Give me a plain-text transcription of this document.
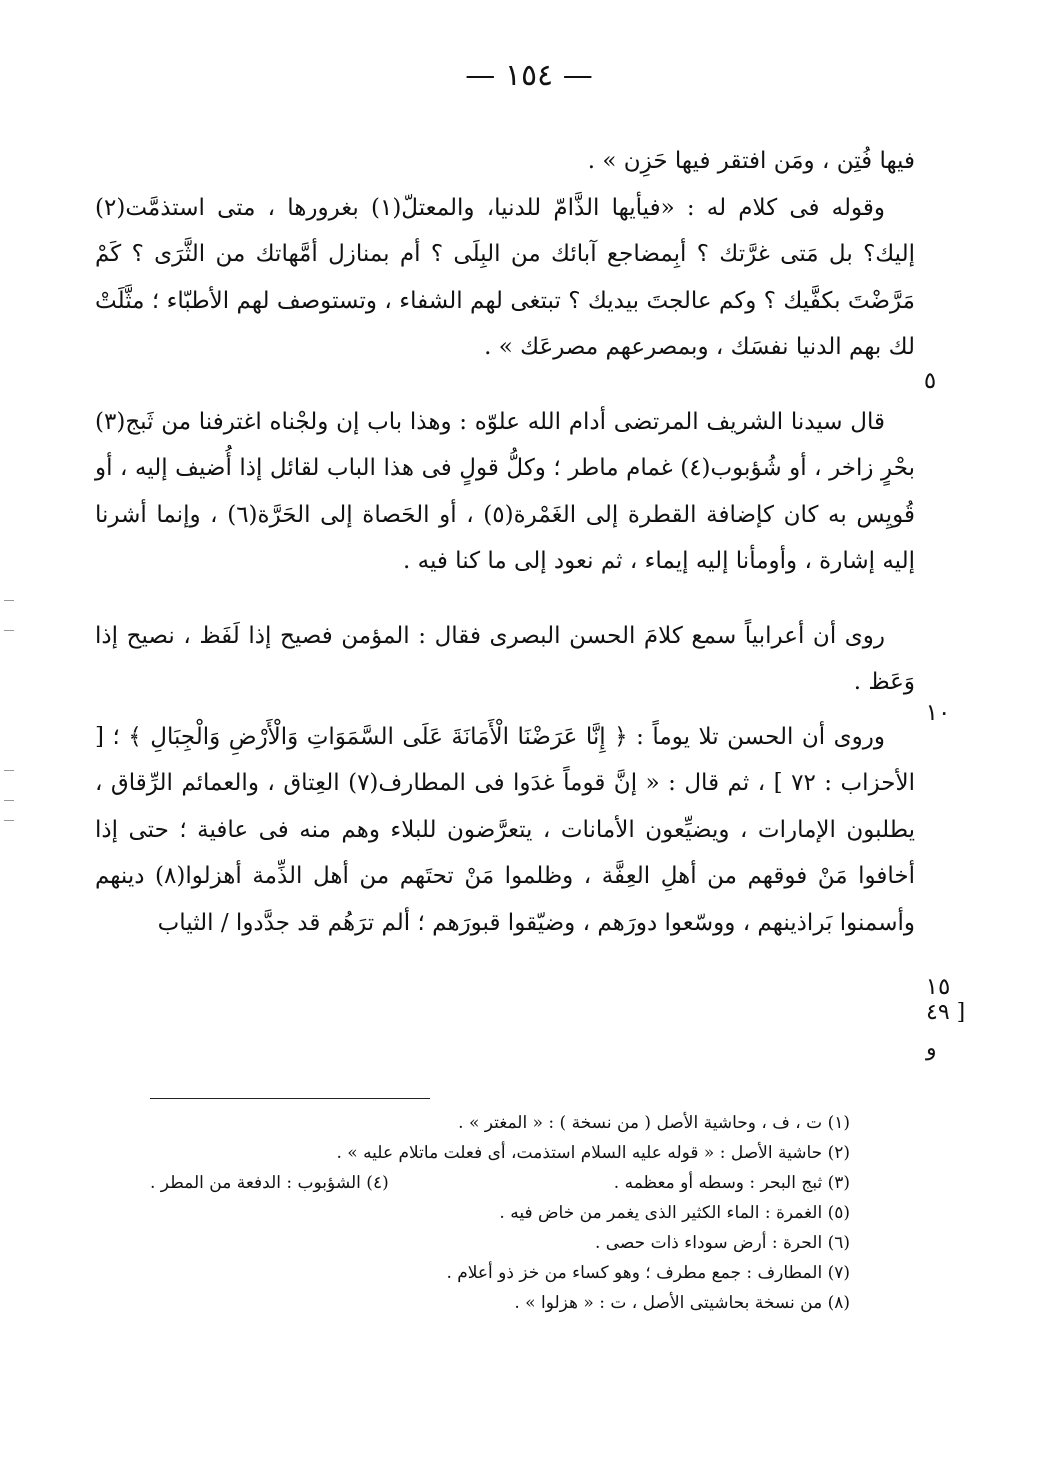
— ١٥٤ —

فيها فُتِن ، ومَن افتقر فيها حَزِن » .

وقوله فى كلام له : «فيأيها الذَّامّ للدنيا، والمعتلّ(١) بغرورها ، متى استذمَّت(٢) إليك؟ بل مَتى غرَّتك ؟ أبِمضاجع آبائك من البِلَى ؟ أم بمنازل أمَّهاتك من الثَّرَى ؟ كَمْ مَرَّضْتَ بكفَّيك ؟ وكم عالجتَ بيديك ؟ تبتغى لهم الشفاء ، وتستوصف لهم الأطبّاء ؛ مثَّلَتْ لك بهم الدنيا نفسَك ، وبمصرعهم مصرعَك » .

قال سيدنا الشريف المرتضى أدام الله علوّه : وهذا باب إن ولجْناه اغترفنا من ثَبج(٣) بحْرٍ زاخر ، أو شُؤبوب(٤) غمام ماطر ؛ وكلُّ قولٍ فى هذا الباب لقائل إذا أُضيف إليه ، أو قُويِس به كان كإضافة القطرة إلى الغَمْرة(٥) ، أو الحَصاة إلى الحَرَّة(٦) ، وإنما أشرنا إليه إشارة ، وأومأنا إليه إيماء ، ثم نعود إلى ما كنا فيه .

روى أن أعرابياً سمع كلامَ الحسن البصرى فقال : المؤمن فصيح إذا لَفَظ ، نصيح إذا وَعَظ .

وروى أن الحسن تلا يوماً : ﴿ إِنَّا عَرَضْنَا الْأَمَانَةَ عَلَى السَّمَوَاتِ وَالْأَرْضِ وَالْجِبَالِ ﴾ ؛ [ الأحزاب : ٧٢ ] ، ثم قال : « إنَّ قوماً غدَوا فى المطارف(٧) العِتاق ، والعمائم الرِّقاق ، يطلبون الإمارات ، ويضيِّعون الأمانات ، يتعرَّضون للبلاء وهم منه فى عافية ؛ حتى إذا أخافوا مَنْ فوقهم من أهلِ العِفَّة ، وظلموا مَنْ تحتَهم من أهل الذِّمة أهزلوا(٨) دينهم وأسمنوا بَراذينهم ، ووسّعوا دورَهم ، وضيّقوا قبورَهم ؛ ألم ترَهُم قد جدَّدوا / الثياب

٥
١٠
١٥
[ ٤٩
و

(١) ت ، ف ، وحاشية الأصل ( من نسخة ) : « المغتر » .

(٢) حاشية الأصل : « قوله عليه السلام استذمت، أى فعلت ماتلام عليه » .

(٣) ثبج البحر : وسطه أو معظمه .
(٤) الشؤبوب : الدفعة من المطر .

(٥) الغمرة : الماء الكثير الذى يغمر من خاض فيه .

(٦) الحرة : أرض سوداء ذات حصى .

(٧) المطارف : جمع مطرف ؛ وهو كساء من خز ذو أعلام .

(٨) من نسخة بحاشيتى الأصل ، ت : « هزلوا » .
